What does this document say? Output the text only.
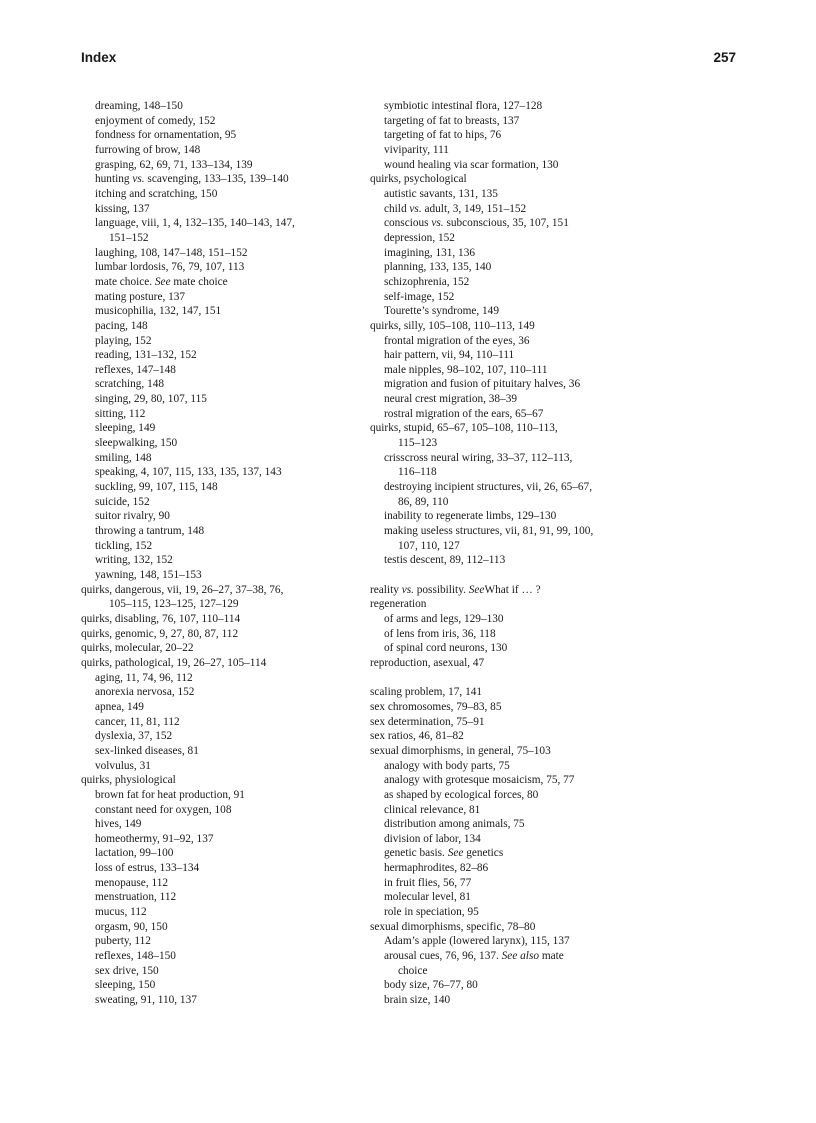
Index	257
dreaming, 148–150
enjoyment of comedy, 152
fondness for ornamentation, 95
furrowing of brow, 148
grasping, 62, 69, 71, 133–134, 139
hunting vs. scavenging, 133–135, 139–140
itching and scratching, 150
kissing, 137
language, viii, 1, 4, 132–135, 140–143, 147,
151–152
laughing, 108, 147–148, 151–152
lumbar lordosis, 76, 79, 107, 113
mate choice. See mate choice
mating posture, 137
musicophilia, 132, 147, 151
pacing, 148
playing, 152
reading, 131–132, 152
reflexes, 147–148
scratching, 148
singing, 29, 80, 107, 115
sitting, 112
sleeping, 149
sleepwalking, 150
smiling, 148
speaking, 4, 107, 115, 133, 135, 137, 143
suckling, 99, 107, 115, 148
suicide, 152
suitor rivalry, 90
throwing a tantrum, 148
tickling, 152
writing, 132, 152
yawning, 148, 151–153
quirks, dangerous, vii, 19, 26–27, 37–38, 76,
105–115, 123–125, 127–129
quirks, disabling, 76, 107, 110–114
quirks, genomic, 9, 27, 80, 87, 112
quirks, molecular, 20–22
quirks, pathological, 19, 26–27, 105–114
aging, 11, 74, 96, 112
anorexia nervosa, 152
apnea, 149
cancer, 11, 81, 112
dyslexia, 37, 152
sex-linked diseases, 81
volvulus, 31
quirks, physiological
brown fat for heat production, 91
constant need for oxygen, 108
hives, 149
homeothermy, 91–92, 137
lactation, 99–100
loss of estrus, 133–134
menopause, 112
menstruation, 112
mucus, 112
orgasm, 90, 150
puberty, 112
reflexes, 148–150
sex drive, 150
sleeping, 150
sweating, 91, 110, 137
symbiotic intestinal flora, 127–128
targeting of fat to breasts, 137
targeting of fat to hips, 76
viviparity, 111
wound healing via scar formation, 130
quirks, psychological
autistic savants, 131, 135
child vs. adult, 3, 149, 151–152
conscious vs. subconscious, 35, 107, 151
depression, 152
imagining, 131, 136
planning, 133, 135, 140
schizophrenia, 152
self-image, 152
Tourette’s syndrome, 149
quirks, silly, 105–108, 110–113, 149
frontal migration of the eyes, 36
hair pattern, vii, 94, 110–111
male nipples, 98–102, 107, 110–111
migration and fusion of pituitary halves, 36
neural crest migration, 38–39
rostral migration of the ears, 65–67
quirks, stupid, 65–67, 105–108, 110–113,
115–123
crisscross neural wiring, 33–37, 112–113,
116–118
destroying incipient structures, vii, 26, 65–67,
86, 89, 110
inability to regenerate limbs, 129–130
making useless structures, vii, 81, 91, 99, 100,
107, 110, 127
testis descent, 89, 112–113
reality vs. possibility. SeeWhat if … ?
regeneration
of arms and legs, 129–130
of lens from iris, 36, 118
of spinal cord neurons, 130
reproduction, asexual, 47
scaling problem, 17, 141
sex chromosomes, 79–83, 85
sex determination, 75–91
sex ratios, 46, 81–82
sexual dimorphisms, in general, 75–103
analogy with body parts, 75
analogy with grotesque mosaicism, 75, 77
as shaped by ecological forces, 80
clinical relevance, 81
distribution among animals, 75
division of labor, 134
genetic basis. See genetics
hermaphrodites, 82–86
in fruit flies, 56, 77
molecular level, 81
role in speciation, 95
sexual dimorphisms, specific, 78–80
Adam’s apple (lowered larynx), 115, 137
arousal cues, 76, 96, 137. See also mate
choice
body size, 76–77, 80
brain size, 140
